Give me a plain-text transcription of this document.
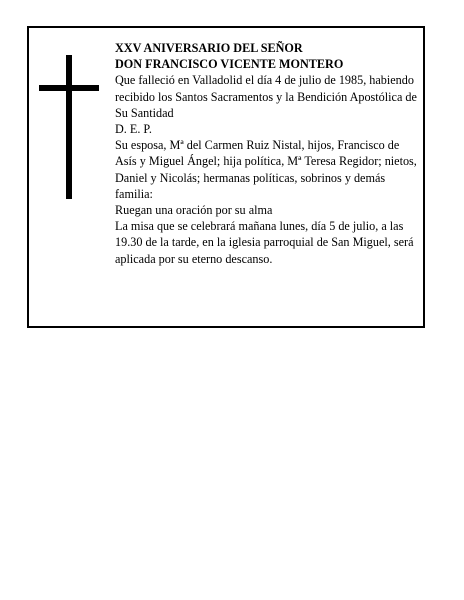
XXV ANIVERSARIO DEL SEÑOR

DON FRANCISCO VICENTE MONTERO

Que falleció en Valladolid el día 4 de julio de 1985, habiendo recibido los Santos Sacramentos y la Bendición Apostólica de Su Santidad

D. E. P.

Su esposa, Mª del Carmen Ruiz Nistal, hijos, Francisco de Asís y Miguel Ángel; hija política, Mª Teresa Regidor; nietos, Daniel y Nicolás; hermanas políticas, sobrinos y demás familia:

Ruegan una oración por su alma

La misa que se celebrará mañana lunes, día 5 de julio, a las 19.30 de la tarde, en la iglesia parroquial de San Miguel, será aplicada por su eterno descanso.
